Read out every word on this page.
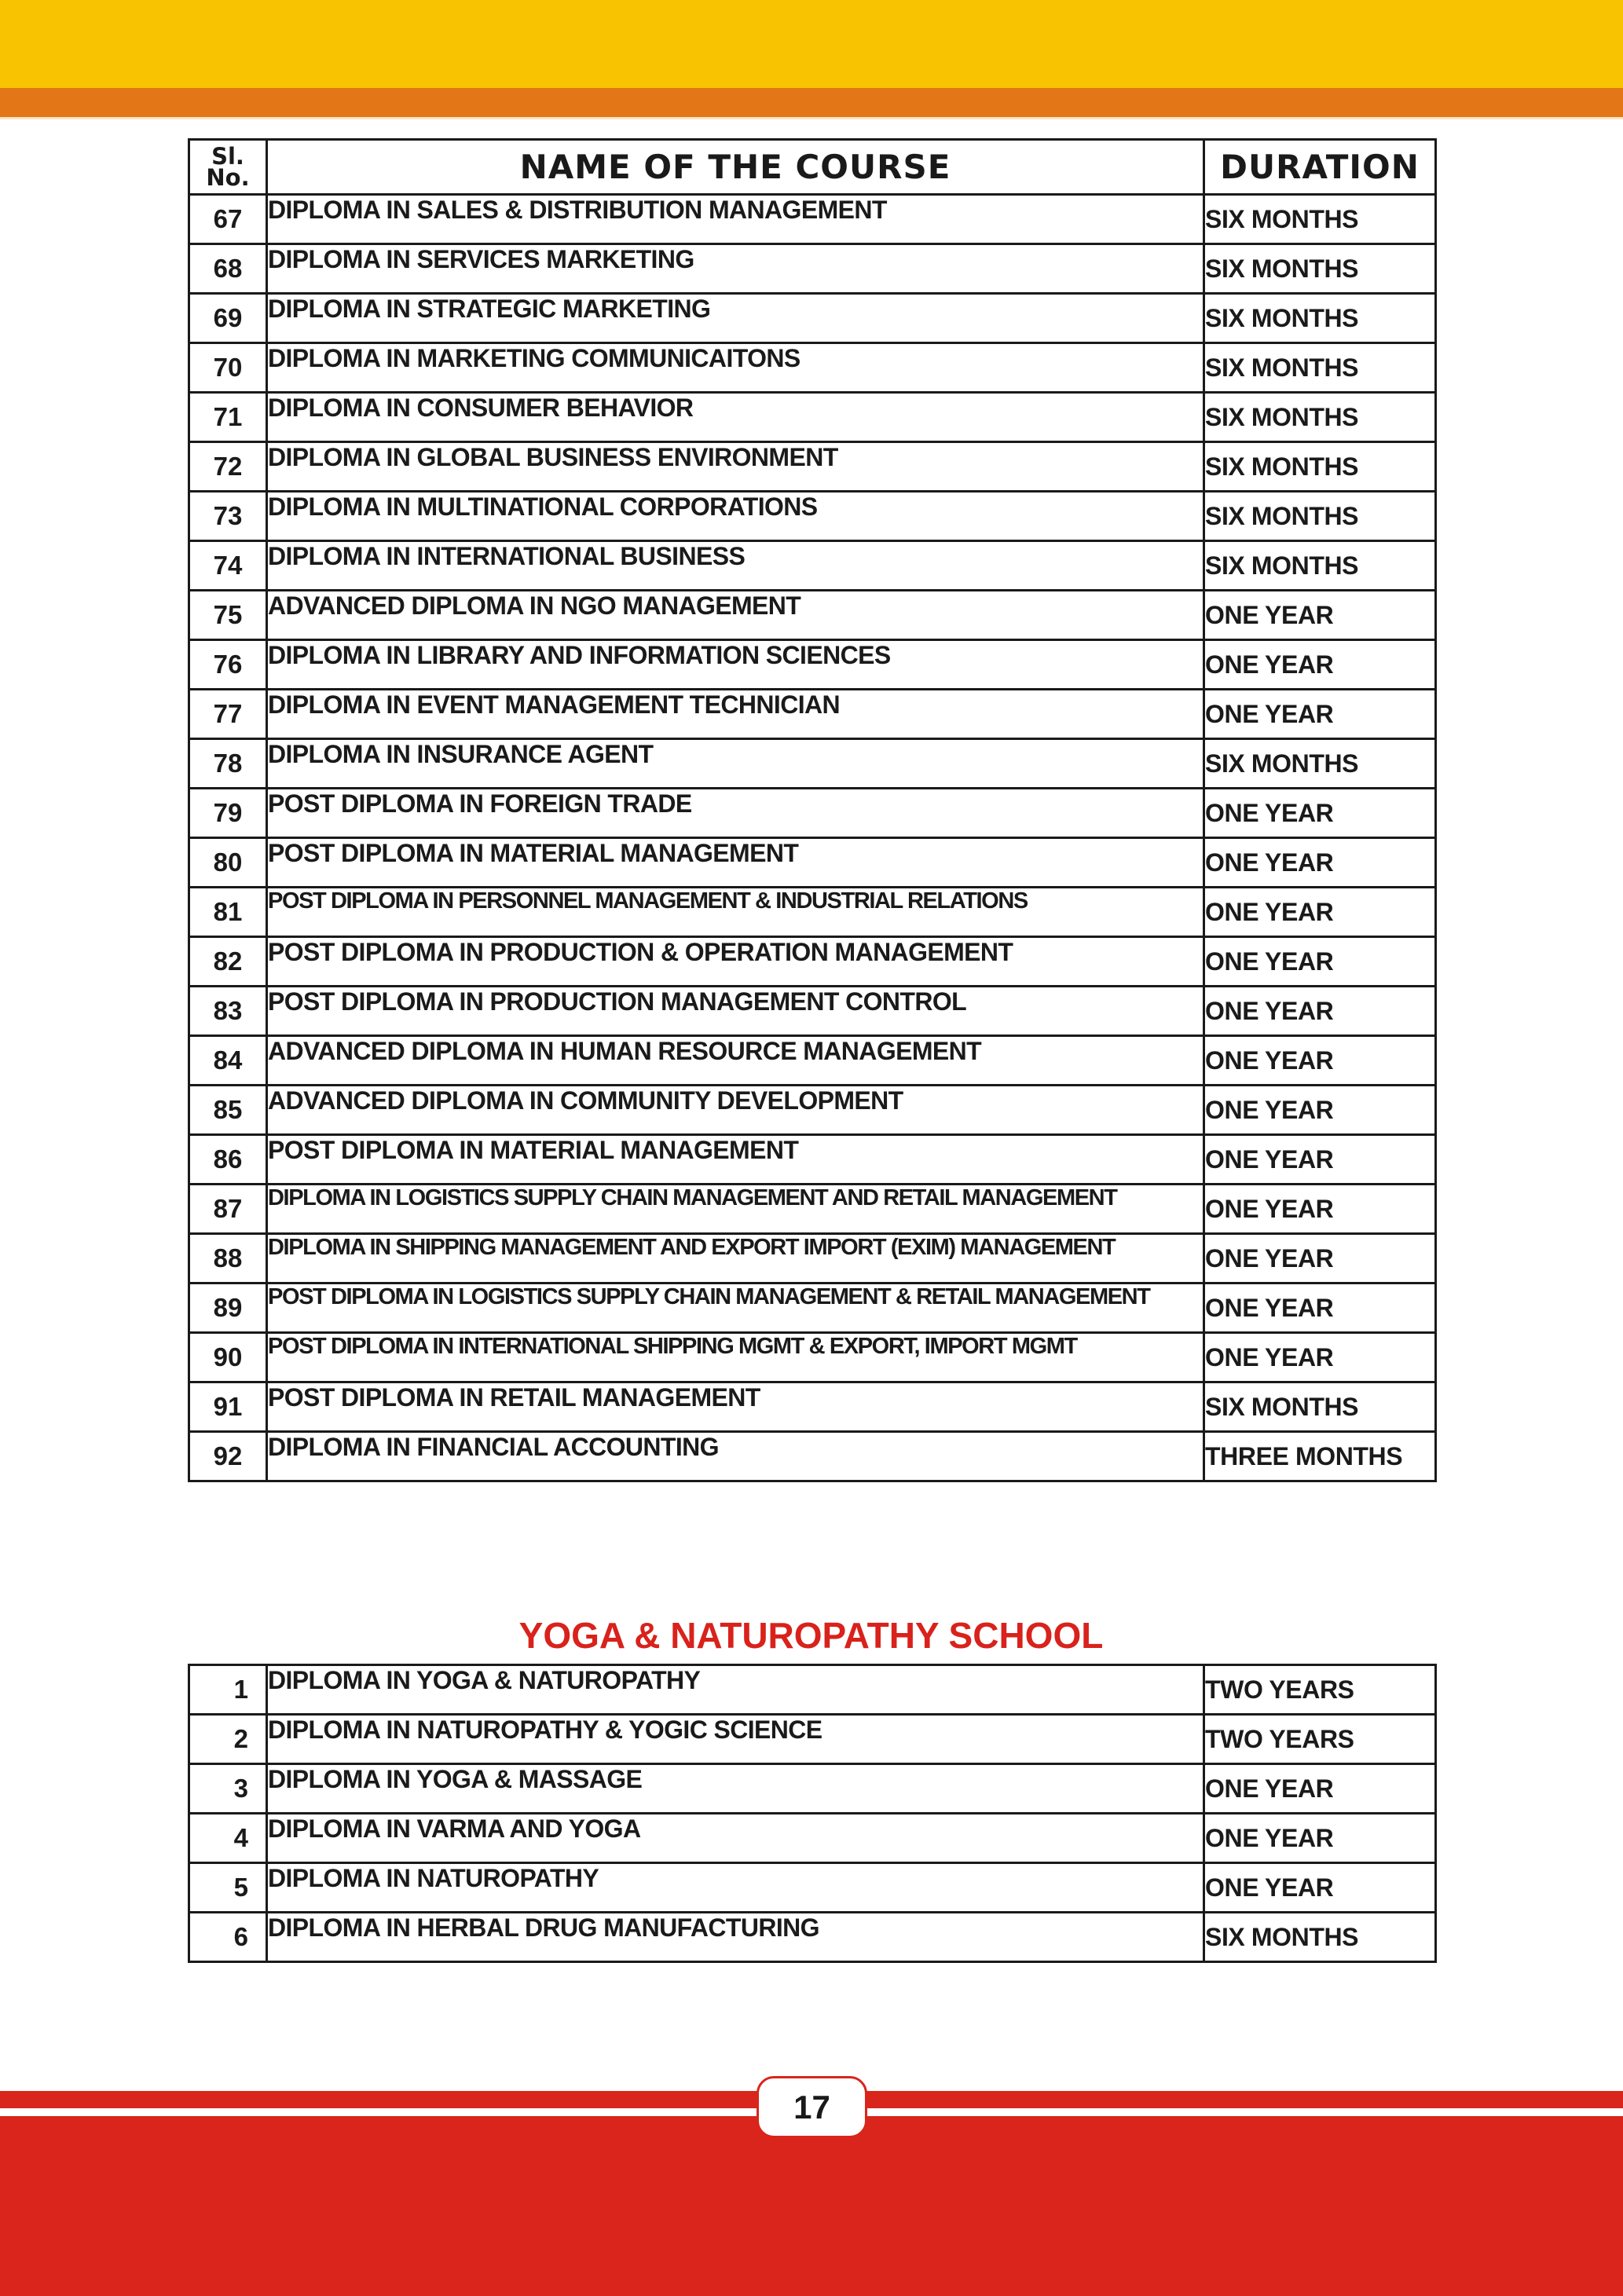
Sl.
No.	NAME OF THE COURSE	DURATION
67	DIPLOMA IN SALES & DISTRIBUTION MANAGEMENT	SIX MONTHS
68	DIPLOMA IN SERVICES MARKETING	SIX MONTHS
69	DIPLOMA IN STRATEGIC MARKETING	SIX MONTHS
70	DIPLOMA IN MARKETING COMMUNICAITONS	SIX MONTHS
71	DIPLOMA IN CONSUMER BEHAVIOR	SIX MONTHS
72	DIPLOMA IN GLOBAL BUSINESS ENVIRONMENT	SIX MONTHS
73	DIPLOMA IN MULTINATIONAL CORPORATIONS	SIX MONTHS
74	DIPLOMA IN INTERNATIONAL BUSINESS	SIX MONTHS
75	ADVANCED DIPLOMA IN NGO MANAGEMENT	ONE YEAR
76	DIPLOMA IN LIBRARY AND INFORMATION SCIENCES	ONE YEAR
77	DIPLOMA IN EVENT MANAGEMENT TECHNICIAN	ONE YEAR
78	DIPLOMA IN INSURANCE AGENT	SIX MONTHS
79	POST DIPLOMA IN FOREIGN TRADE	ONE YEAR
80	POST DIPLOMA IN MATERIAL MANAGEMENT	ONE YEAR
81	POST DIPLOMA IN PERSONNEL MANAGEMENT & INDUSTRIAL RELATIONS	ONE YEAR
82	POST DIPLOMA IN PRODUCTION & OPERATION MANAGEMENT	ONE YEAR
83	POST DIPLOMA IN PRODUCTION MANAGEMENT CONTROL	ONE YEAR
84	ADVANCED DIPLOMA IN HUMAN RESOURCE MANAGEMENT	ONE YEAR
85	ADVANCED DIPLOMA IN COMMUNITY DEVELOPMENT	ONE YEAR
86	POST DIPLOMA IN MATERIAL MANAGEMENT	ONE YEAR
87	DIPLOMA IN LOGISTICS SUPPLY CHAIN MANAGEMENT AND RETAIL MANAGEMENT	ONE YEAR
88	DIPLOMA IN SHIPPING MANAGEMENT AND EXPORT IMPORT (EXIM) MANAGEMENT	ONE YEAR
89	POST DIPLOMA IN LOGISTICS SUPPLY CHAIN MANAGEMENT & RETAIL MANAGEMENT	ONE YEAR
90	POST DIPLOMA IN INTERNATIONAL SHIPPING MGMT & EXPORT, IMPORT MGMT	ONE YEAR
91	POST DIPLOMA IN RETAIL MANAGEMENT	SIX MONTHS
92	DIPLOMA IN FINANCIAL ACCOUNTING	THREE MONTHS
YOGA & NATUROPATHY SCHOOL
1	DIPLOMA IN YOGA & NATUROPATHY	TWO YEARS
2	DIPLOMA IN NATUROPATHY & YOGIC SCIENCE	TWO YEARS
3	DIPLOMA IN YOGA & MASSAGE	ONE YEAR
4	DIPLOMA IN VARMA AND YOGA	ONE YEAR
5	DIPLOMA IN NATUROPATHY	ONE YEAR
6	DIPLOMA IN HERBAL DRUG MANUFACTURING	SIX MONTHS
17
